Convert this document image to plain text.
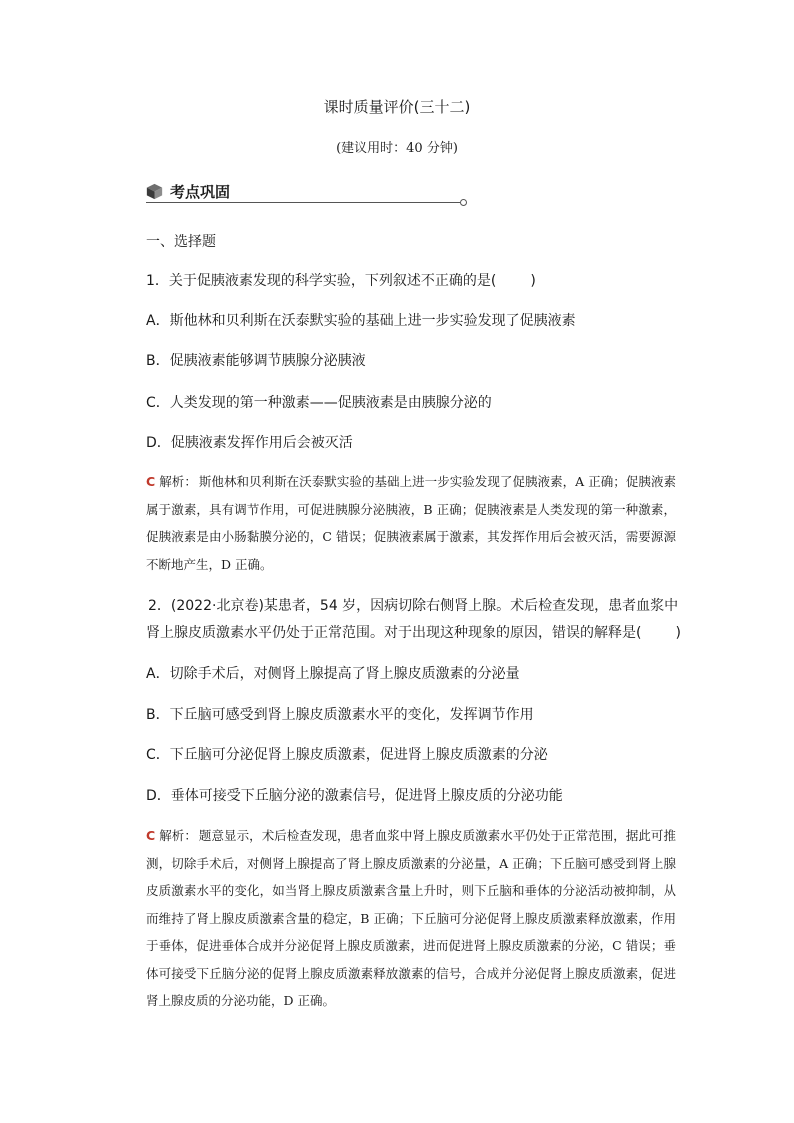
课时质量评价(三十二)
(建议用时：40 分钟)
考点巩固
一、选择题
1．关于促胰液素发现的科学实验，下列叙述不正确的是( )
A．斯他林和贝利斯在沃泰默实验的基础上进一步实验发现了促胰液素
B．促胰液素能够调节胰腺分泌胰液
C．人类发现的第一种激素——促胰液素是由胰腺分泌的
D．促胰液素发挥作用后会被灭活
C 解析： 斯他林和贝利斯在沃泰默实验的基础上进一步实验发现了促胰液素，A 正确；促胰液素属于激素，具有调节作用，可促进胰腺分泌胰液，B 正确；促胰液素是人类发现的第一种激素，促胰液素是由小肠黏膜分泌的，C 错误；促胰液素属于激素，其发挥作用后会被灭活，需要源源不断地产生，D 正确。
2．(2022·北京卷)某患者，54 岁，因病切除右侧肾上腺。术后检查发现，患者血浆中肾上腺皮质激素水平仍处于正常范围。对于出现这种现象的原因，错误的解释是( )
A．切除手术后，对侧肾上腺提高了肾上腺皮质激素的分泌量
B．下丘脑可感受到肾上腺皮质激素水平的变化，发挥调节作用
C．下丘脑可分泌促肾上腺皮质激素，促进肾上腺皮质激素的分泌
D．垂体可接受下丘脑分泌的激素信号，促进肾上腺皮质的分泌功能
C 解析： 题意显示，术后检查发现，患者血浆中肾上腺皮质激素水平仍处于正常范围，据此可推测，切除手术后，对侧肾上腺提高了肾上腺皮质激素的分泌量，A 正确；下丘脑可感受到肾上腺皮质激素水平的变化，如当肾上腺皮质激素含量上升时，则下丘脑和垂体的分泌活动被抑制，从而维持了肾上腺皮质激素含量的稳定，B 正确；下丘脑可分泌促肾上腺皮质激素释放激素，作用于垂体，促进垂体合成并分泌促肾上腺皮质激素，进而促进肾上腺皮质激素的分泌，C 错误；垂体可接受下丘脑分泌的促肾上腺皮质激素释放激素的信号，合成并分泌促肾上腺皮质激素，促进肾上腺皮质的分泌功能，D 正确。
